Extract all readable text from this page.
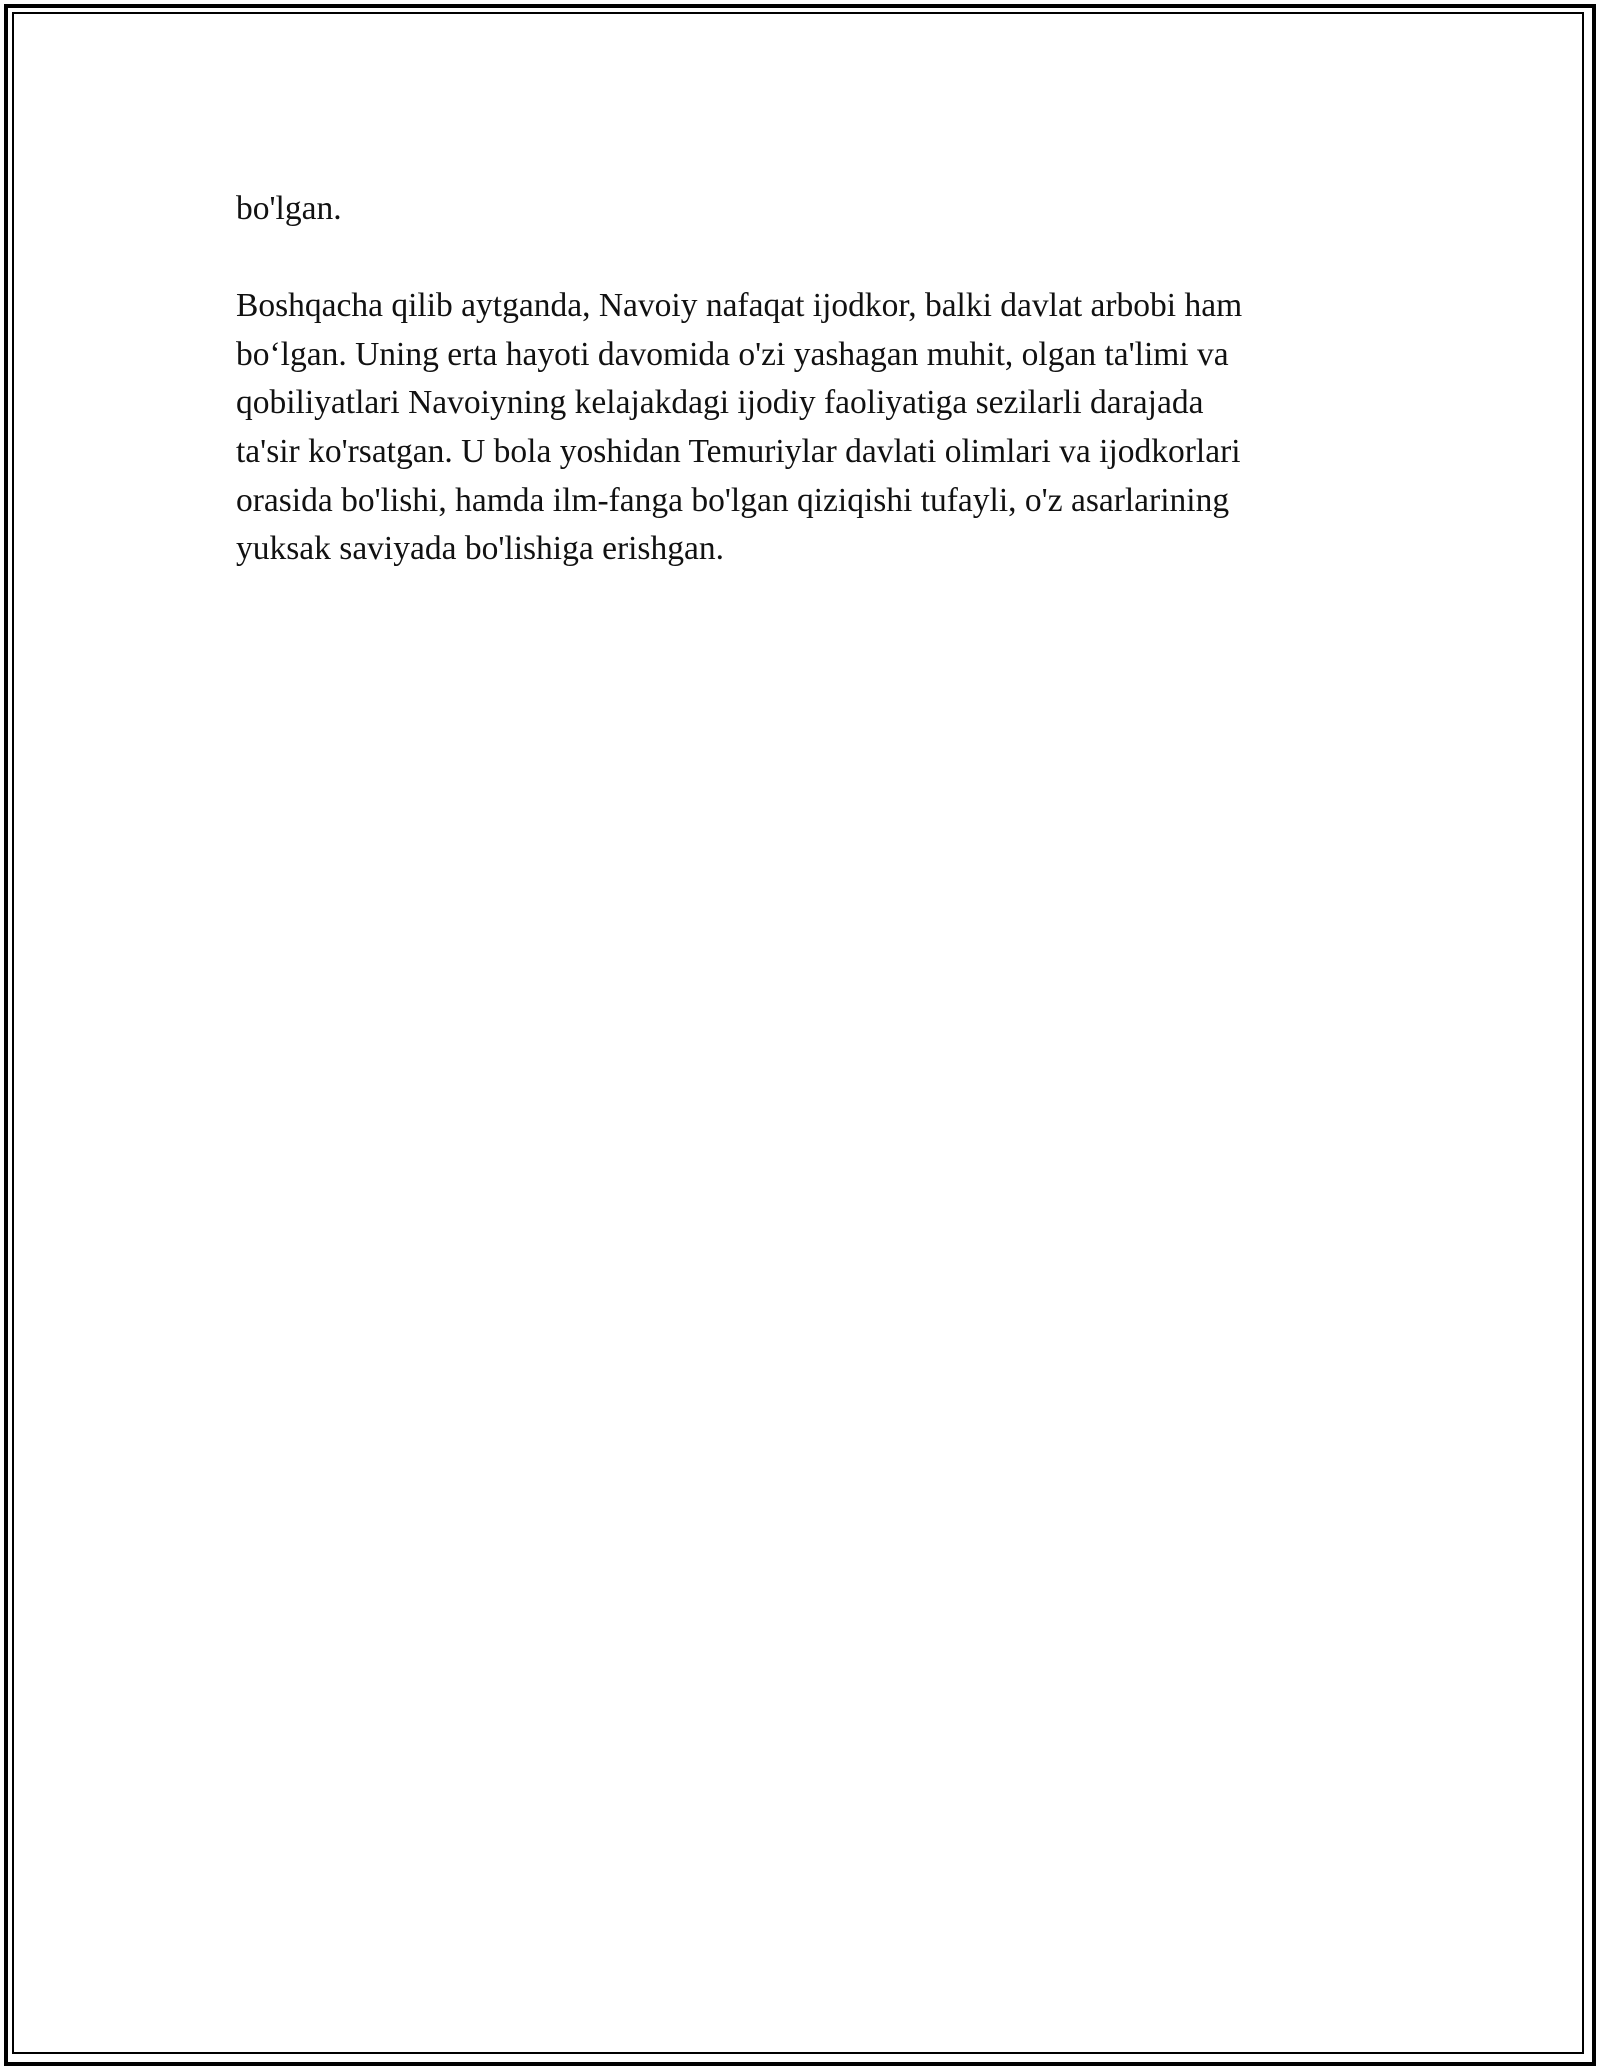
bo'lgan.

Boshqacha qilib aytganda, Navoiy nafaqat ijodkor, balki davlat arbobi ham
bo‘lgan. Uning erta hayoti davomida o'zi yashagan muhit, olgan ta'limi va
qobiliyatlari Navoiyning kelajakdagi ijodiy faoliyatiga sezilarli darajada
ta'sir ko'rsatgan. U bola yoshidan Temuriylar davlati olimlari va ijodkorlari
orasida bo'lishi, hamda ilm-fanga bo'lgan qiziqishi tufayli, o'z asarlarining
yuksak saviyada bo'lishiga erishgan.
